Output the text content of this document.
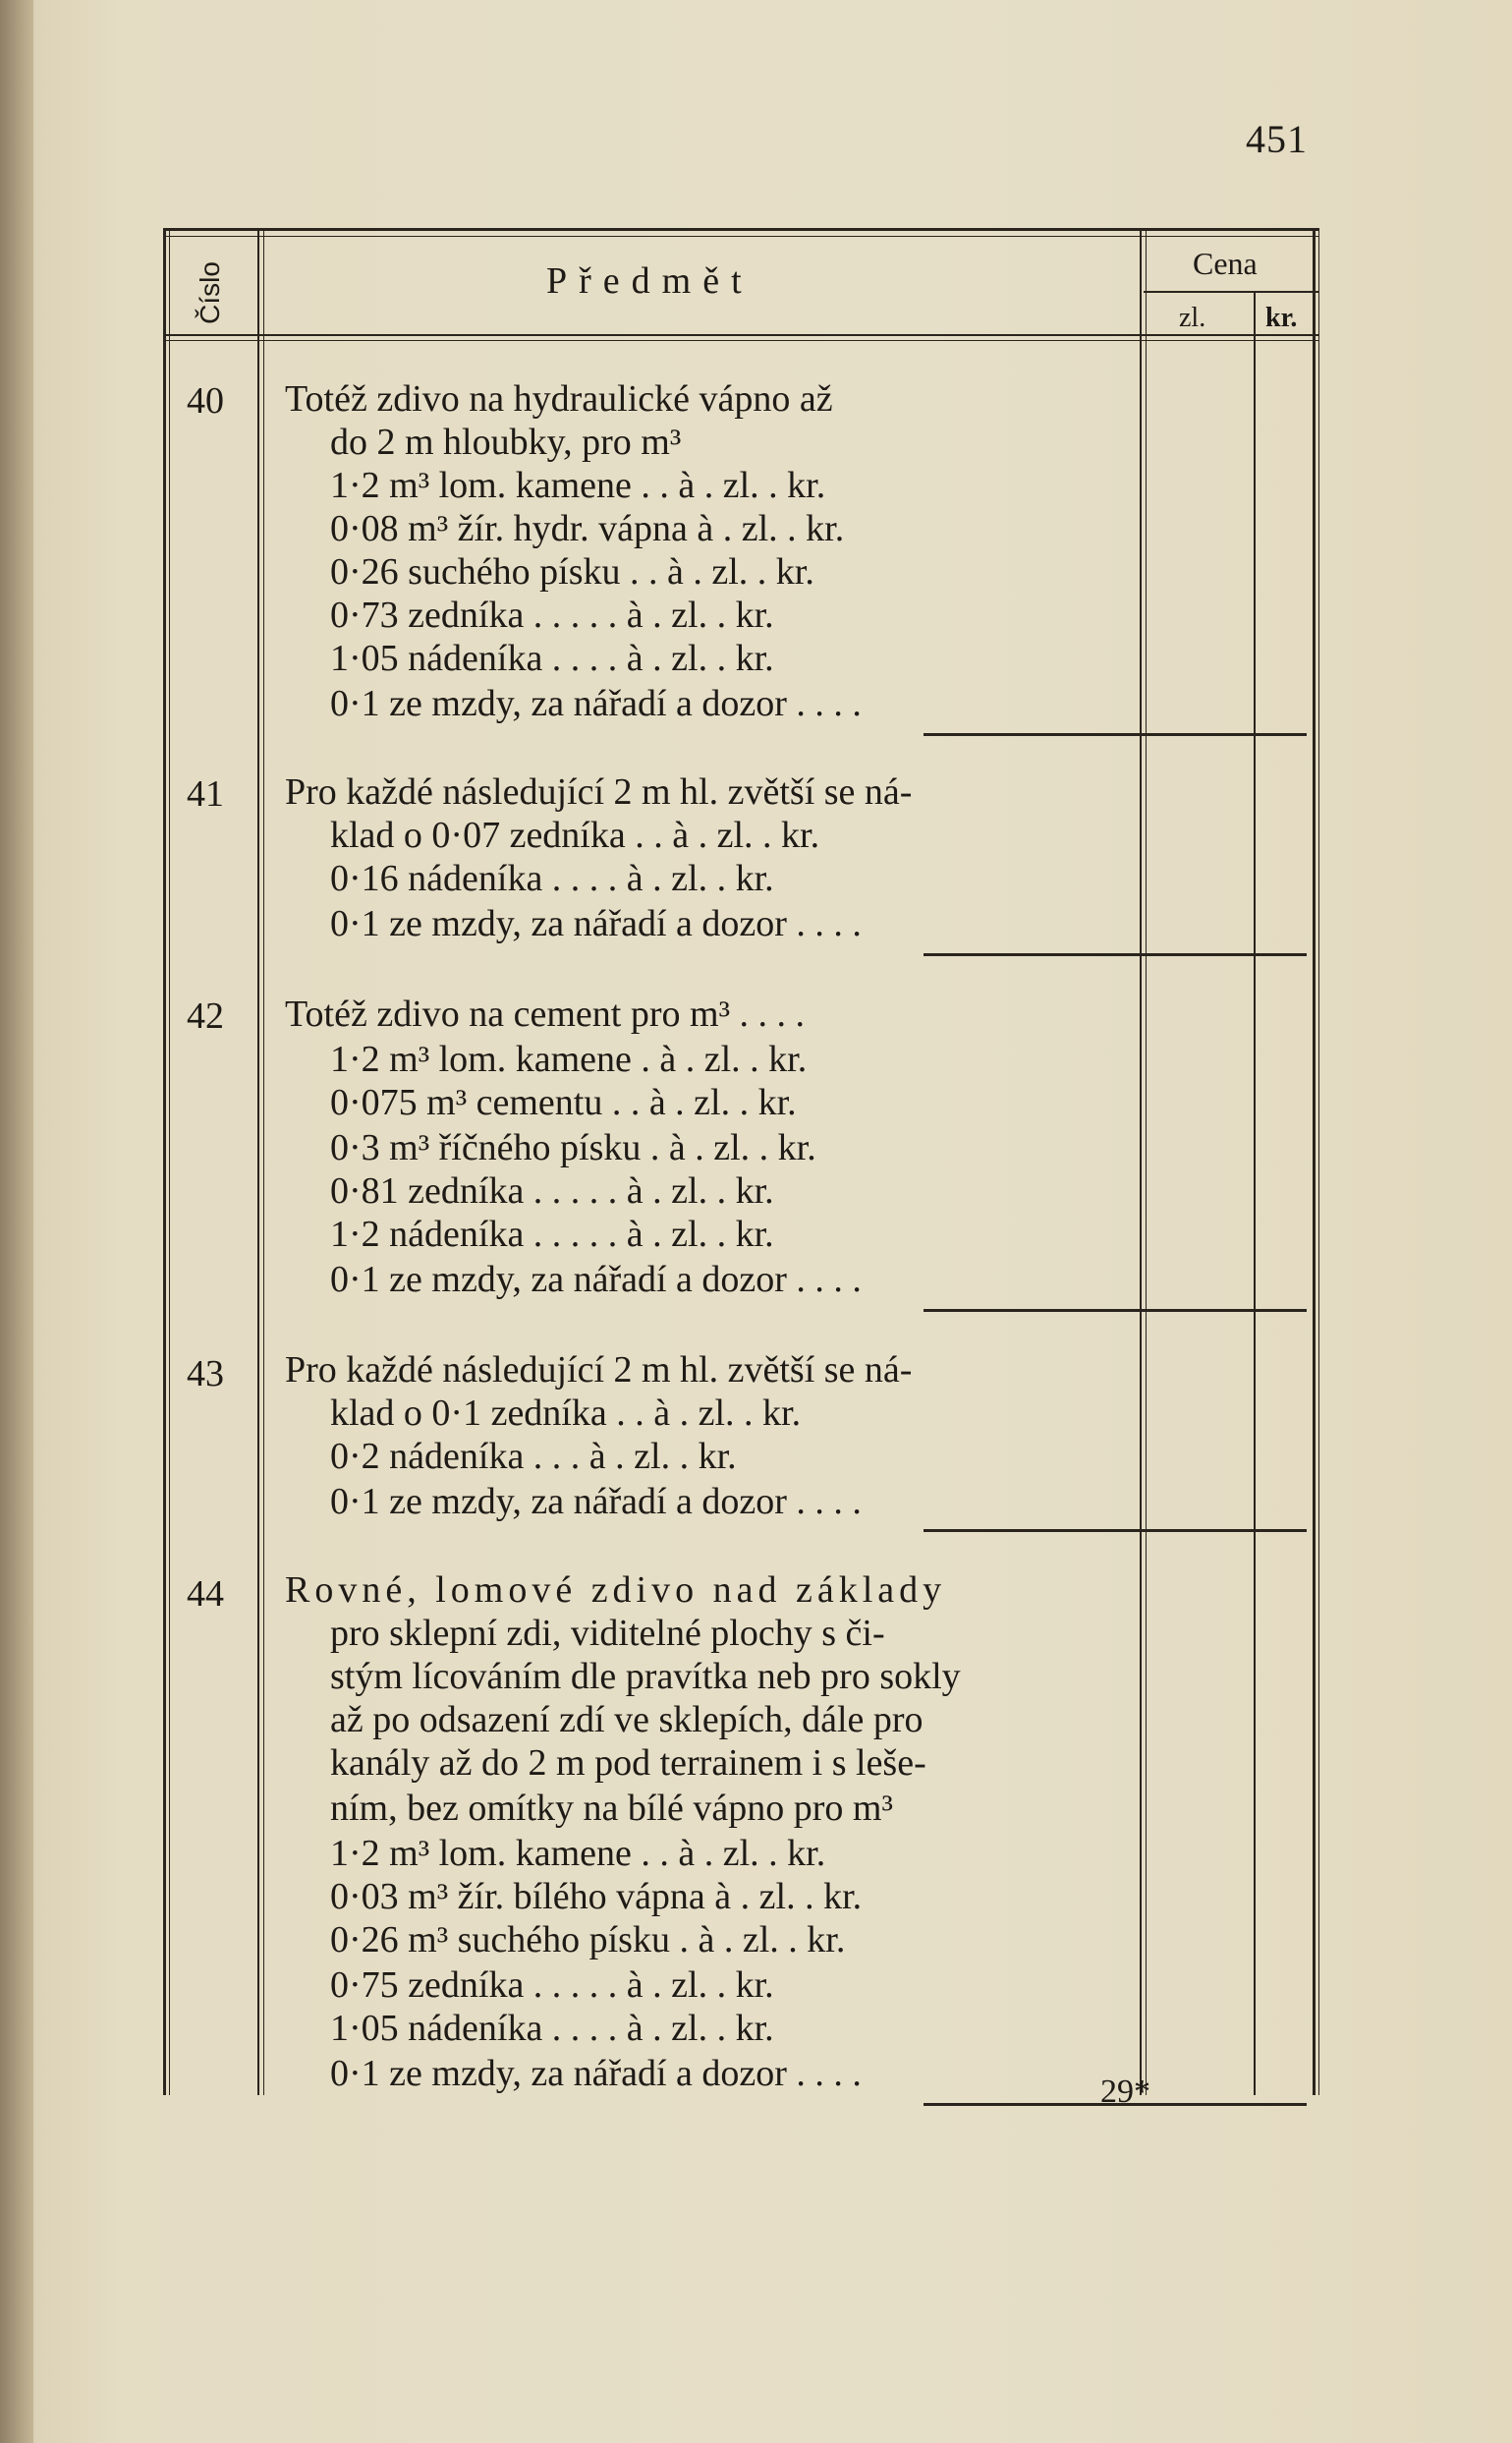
451
Číslo	Předmět	Cena
zl. kr.
40 Totéž zdivo na hydraulické vápno až
do 2 m hloubky, pro m³
1·2 m³ lom. kamene . . à . zl. . kr.
0·08 m³ žír. hydr. vápna à . zl. . kr.
0·26 suchého písku . . à . zl. . kr.
0·73 zedníka . . . . . à . zl. . kr.
1·05 nádeníka . . . . à . zl. . kr.
0·1 ze mzdy, za nářadí a dozor . . . .
41 Pro každé následující 2 m hl. zvětší se ná-
klad o 0·07 zedníka . . à . zl. . kr.
0·16 nádeníka . . . . à . zl. . kr.
0·1 ze mzdy, za nářadí a dozor . . . .
42 Totéž zdivo na cement pro m³ . . . .
1·2 m³ lom. kamene . à . zl. . kr.
0·075 m³ cementu . . à . zl. . kr.
0·3 m³ říčného písku . à . zl. . kr.
0·81 zedníka . . . . . à . zl. . kr.
1·2 nádeníka . . . . . à . zl. . kr.
0·1 ze mzdy, za nářadí a dozor . . . .
43 Pro každé následující 2 m hl. zvětší se ná-
klad o 0·1 zedníka . . à . zl. . kr.
0·2 nádeníka . . . à . zl. . kr.
0·1 ze mzdy, za nářadí a dozor . . . .
44 Rovné, lomové zdivo nad základy
pro sklepní zdi, viditelné plochy s či-
stým lícováním dle pravítka neb pro sokly
až po odsazení zdí ve sklepích, dále pro
kanály až do 2 m pod terrainem i s leše-
ním, bez omítky na bílé vápno pro m³
1·2 m³ lom. kamene . . à . zl. . kr.
0·03 m³ žír. bílého vápna à . zl. . kr.
0·26 m³ suchého písku . à . zl. . kr.
0·75 zedníka . . . . . à . zl. . kr.
1·05 nádeníka . . . . à . zl. . kr.
0·1 ze mzdy, za nářadí a dozor . . . .	29*
